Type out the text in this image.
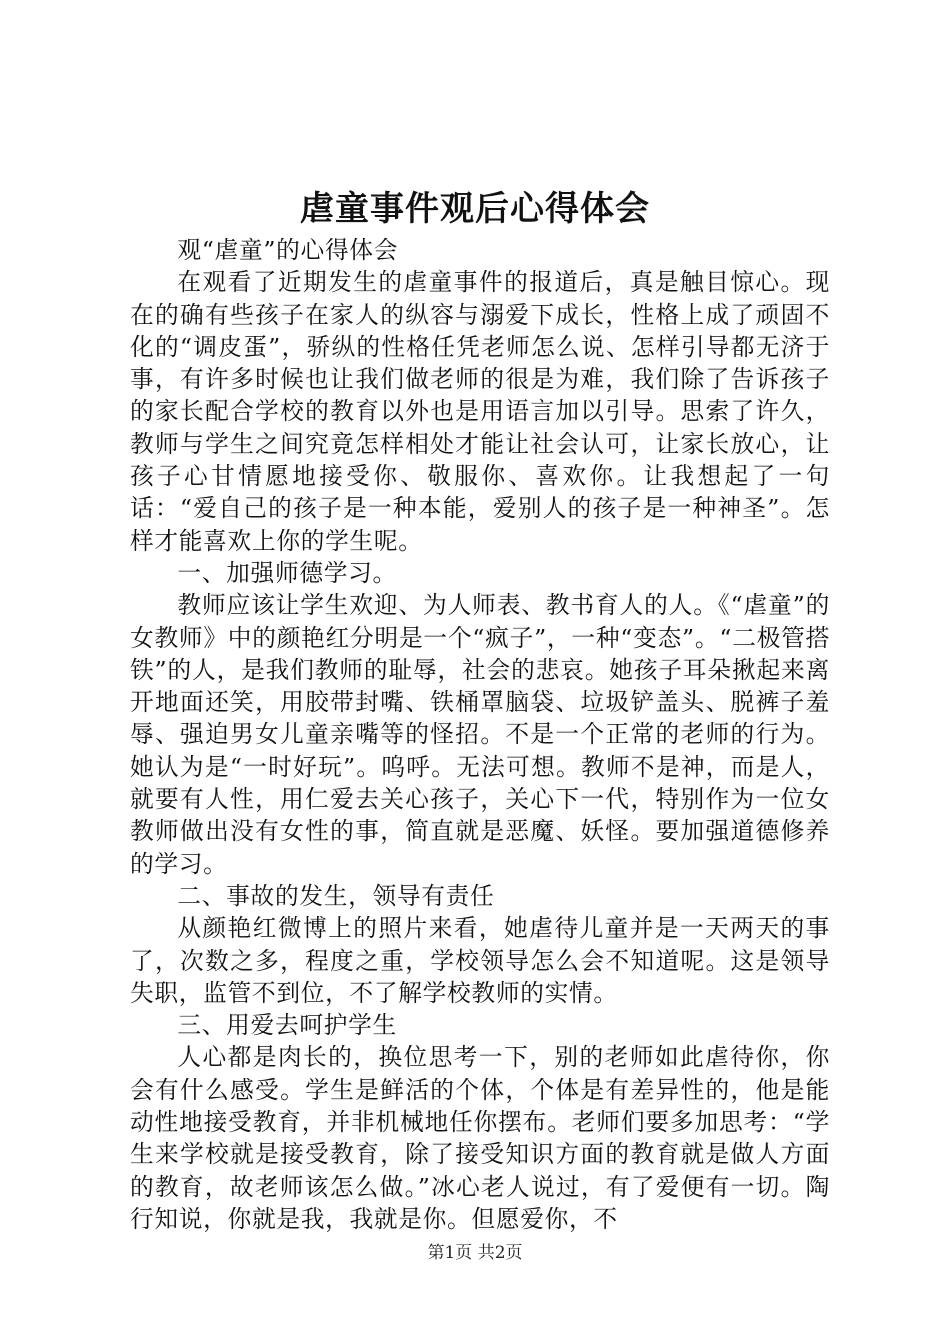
虐童事件观后心得体会

观“虐童”的心得体会

在观看了近期发生的虐童事件的报道后，真是触目惊心。现在的确有些孩子在家人的纵容与溺爱下成长，性格上成了顽固不化的“调皮蛋”，骄纵的性格任凭老师怎么说、怎样引导都无济于事，有许多时候也让我们做老师的很是为难，我们除了告诉孩子的家长配合学校的教育以外也是用语言加以引导。思索了许久，教师与学生之间究竟怎样相处才能让社会认可，让家长放心，让孩子心甘情愿地接受你、敬服你、喜欢你。让我想起了一句话：“爱自己的孩子是一种本能，爱别人的孩子是一种神圣”。怎样才能喜欢上你的学生呢。

一、加强师德学习。

教师应该让学生欢迎、为人师表、教书育人的人。《“虐童”的女教师》中的颜艳红分明是一个“疯子”，一种“变态”。“二极管搭铁”的人，是我们教师的耻辱，社会的悲哀。她孩子耳朵揪起来离开地面还笑，用胶带封嘴、铁桶罩脑袋、垃圾铲盖头、脱裤子羞辱、强迫男女儿童亲嘴等的怪招。不是一个正常的老师的行为。她认为是“一时好玩”。呜呼。无法可想。教师不是神，而是人，就要有人性，用仁爱去关心孩子，关心下一代，特别作为一位女教师做出没有女性的事，简直就是恶魔、妖怪。要加强道德修养的学习。

二、事故的发生，领导有责任

从颜艳红微博上的照片来看，她虐待儿童并是一天两天的事了，次数之多，程度之重，学校领导怎么会不知道呢。这是领导失职，监管不到位，不了解学校教师的实情。

三、用爱去呵护学生

人心都是肉长的，换位思考一下，别的老师如此虐待你，你会有什么感受。学生是鲜活的个体，个体是有差异性的，他是能动性地接受教育，并非机械地任你摆布。老师们要多加思考：“学生来学校就是接受教育，除了接受知识方面的教育就是做人方面的教育，故老师该怎么做。”冰心老人说过，有了爱便有一切。陶行知说，你就是我，我就是你。但愿爱你，不

第1页 共2页
